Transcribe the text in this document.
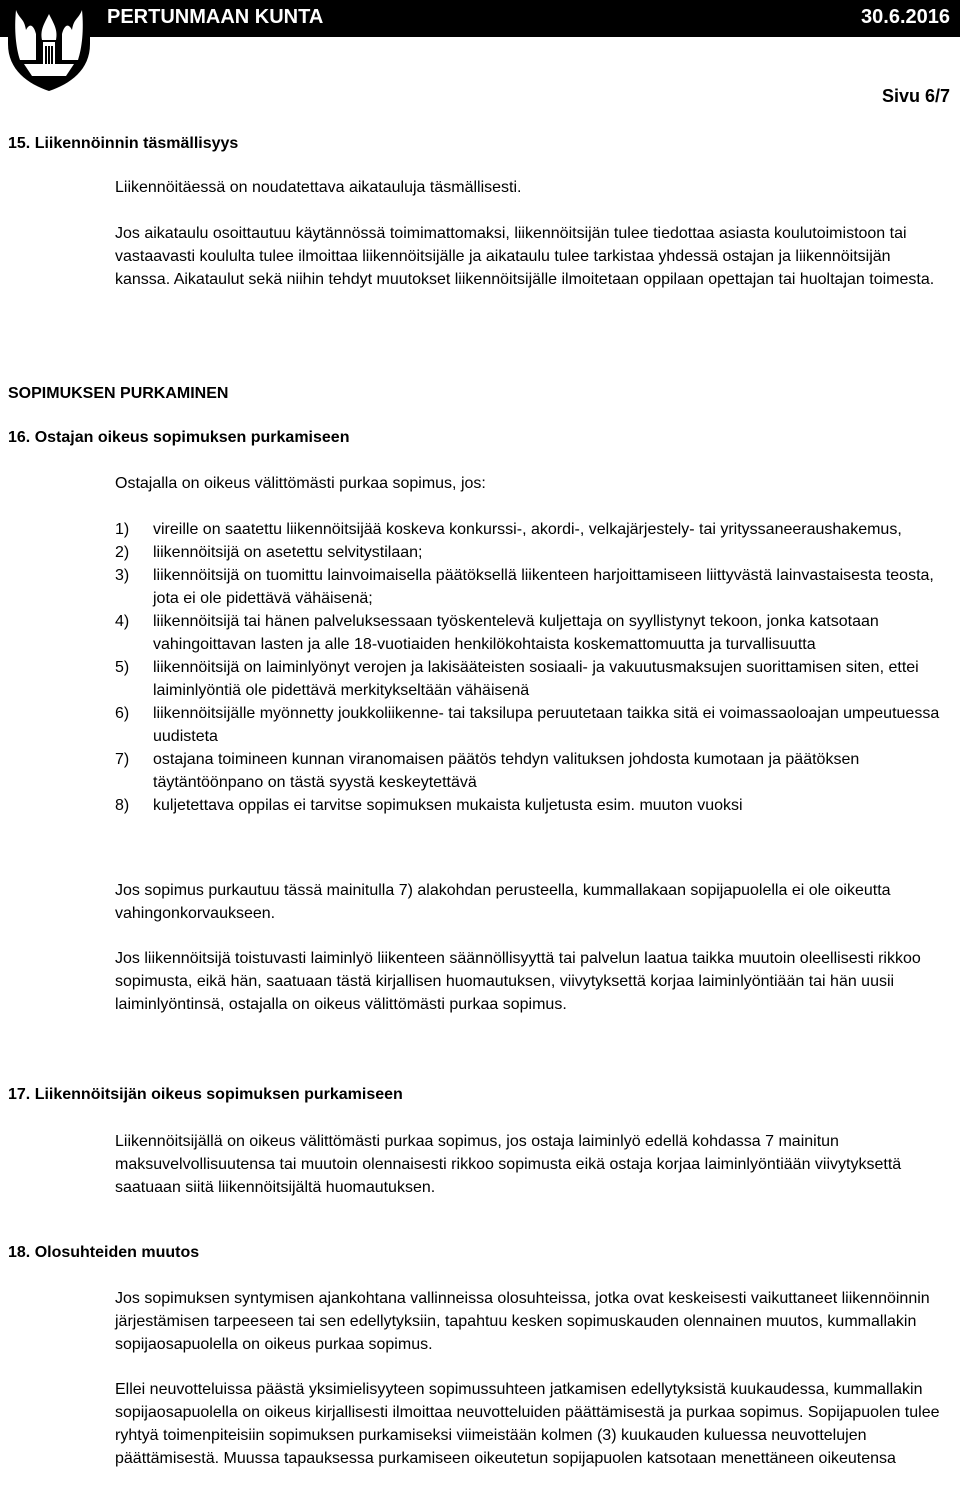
PERTUNMAAN KUNTA	30.6.2016
Sivu 6/7
15. Liikennöinnin täsmällisyys

Liikennöitäessä on noudatettava aikatauluja täsmällisesti.

Jos aikataulu osoittautuu käytännössä toimimattomaksi, liikennöitsijän tulee tiedottaa asiasta koulutoimistoon tai vastaavasti koululta tulee ilmoittaa liikennöitsijälle ja aikataulu tulee tarkistaa yhdessä ostajan ja liikennöitsijän kanssa. Aikataulut sekä niihin tehdyt muutokset liikennöitsijälle ilmoitetaan oppilaan opettajan tai huoltajan toimesta.

SOPIMUKSEN PURKAMINEN
16. Ostajan oikeus sopimuksen purkamiseen

Ostajalla on oikeus välittömästi purkaa sopimus, jos:

1) vireille on saatettu liikennöitsijää koskeva konkurssi-, akordi-, velkajärjestely- tai yrityssaneeraushakemus,
2) liikennöitsijä on asetettu selvitystilaan;
3) liikennöitsijä on tuomittu lainvoimaisella päätöksellä liikenteen harjoittamiseen liittyvästä lainvastaisesta teosta, jota ei ole pidettävä vähäisenä;
4) liikennöitsijä tai hänen palveluksessaan työskentelevä kuljettaja on syyllistynyt tekoon, jonka katsotaan vahingoittavan lasten ja alle 18-vuotiaiden henkilökohtaista koskemattomuutta ja turvallisuutta
5) liikennöitsijä on laiminlyönyt verojen ja lakisääteisten sosiaali- ja vakuutusmaksujen suorittamisen siten, ettei laiminlyöntiä ole pidettävä merkitykseltään vähäisenä
6) liikennöitsijälle myönnetty joukkoliikenne- tai taksilupa peruutetaan taikka sitä ei voimassaoloajan umpeutuessa uudisteta
7) ostajana toimineen kunnan viranomaisen päätös tehdyn valituksen johdosta kumotaan ja päätöksen täytäntöönpano on tästä syystä keskeytettävä
8) kuljetettava oppilas ei tarvitse sopimuksen mukaista kuljetusta esim. muuton vuoksi

Jos sopimus purkautuu tässä mainitulla 7) alakohdan perusteella, kummallakaan sopijapuolella ei ole oikeutta vahingonkorvaukseen.

Jos liikennöitsijä toistuvasti laiminlyö liikenteen säännöllisyyttä tai palvelun laatua taikka muutoin oleellisesti rikkoo sopimusta, eikä hän, saatuaan tästä kirjallisen huomautuksen, viivytyksettä korjaa laiminlyöntiään tai hän uusii laiminlyöntinsä, ostajalla on oikeus välittömästi purkaa sopimus.

17. Liikennöitsijän oikeus sopimuksen purkamiseen

Liikennöitsijällä on oikeus välittömästi purkaa sopimus, jos ostaja laiminlyö edellä kohdassa 7 mainitun maksuvelvollisuutensa tai muutoin olennaisesti rikkoo sopimusta eikä ostaja korjaa laiminlyöntiään viivytyksettä saatuaan siitä liikennöitsijältä huomautuksen.

18. Olosuhteiden muutos

Jos sopimuksen syntymisen ajankohtana vallinneissa olosuhteissa, jotka ovat keskeisesti vaikuttaneet liikennöinnin järjestämisen tarpeeseen tai sen edellytyksiin, tapahtuu kesken sopimuskauden olennainen muutos, kummallakin sopijaosapuolella on oikeus purkaa sopimus.

Ellei neuvotteluissa päästä yksimielisyyteen sopimussuhteen jatkamisen edellytyksistä kuukaudessa, kummallakin sopijaosapuolella on oikeus kirjallisesti ilmoittaa neuvotteluiden päättämisestä ja purkaa sopimus. Sopijapuolen tulee ryhtyä toimenpiteisiin sopimuksen purkamiseksi viimeistään kolmen (3) kuukauden kuluessa neuvottelujen päättämisestä. Muussa tapauksessa purkamiseen oikeutetun sopijapuolen katsotaan menettäneen oikeutensa
